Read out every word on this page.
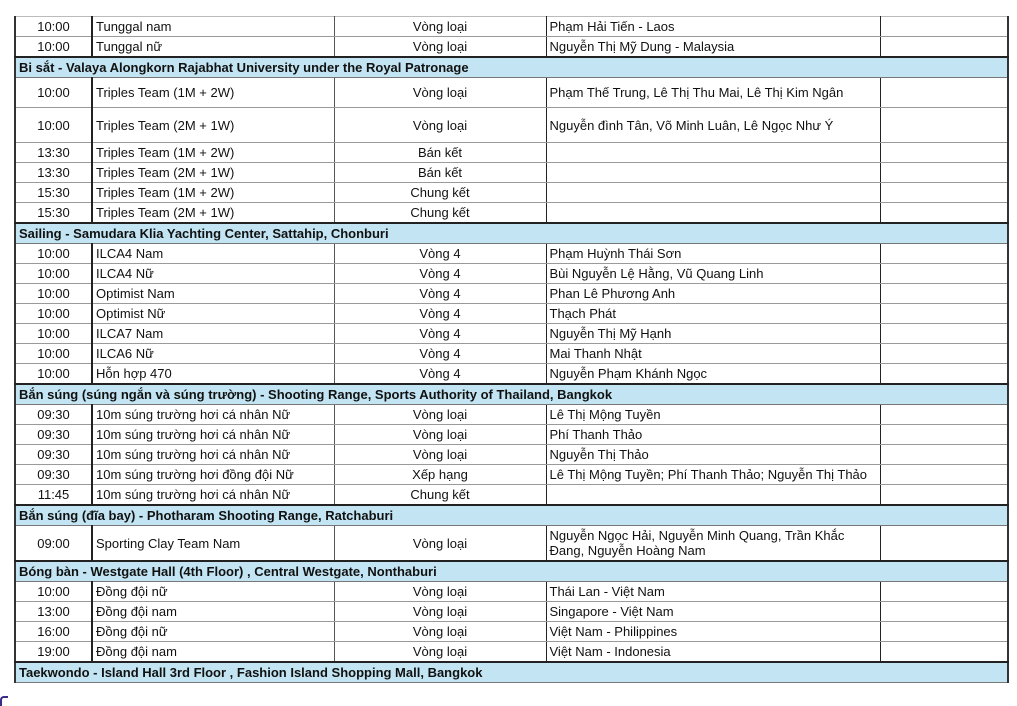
10:00	Tunggal nam	Vòng loại	Phạm Hải Tiến - Laos	
10:00	Tunggal nữ	Vòng loại	Nguyễn Thị Mỹ Dung - Malaysia	
Bi sắt - Valaya Alongkorn Rajabhat University under the Royal Patronage				
10:00	Triples Team (1M + 2W)	Vòng loại	Phạm Thế Trung, Lê Thị Thu Mai, Lê Thị Kim Ngân	
10:00	Triples Team (2M + 1W)	Vòng loại	Nguyễn đình Tân, Võ Minh Luân, Lê Ngọc Như Ý	
13:30	Triples Team (1M + 2W)	Bán kết		
13:30	Triples Team (2M + 1W)	Bán kết		
15:30	Triples Team (1M + 2W)	Chung kết		
15:30	Triples Team (2M + 1W)	Chung kết		
Sailing - Samudara Klia Yachting Center, Sattahip, Chonburi				
10:00	ILCA4 Nam	Vòng 4	Phạm Huỳnh Thái Sơn	
10:00	ILCA4 Nữ	Vòng 4	Bùi Nguyễn Lệ Hằng, Vũ Quang Linh	
10:00	Optimist Nam	Vòng 4	Phan Lê Phương Anh	
10:00	Optimist Nữ	Vòng 4	Thạch Phát	
10:00	ILCA7 Nam	Vòng 4	Nguyễn Thị Mỹ Hạnh	
10:00	ILCA6 Nữ	Vòng 4	Mai Thanh Nhật	
10:00	Hỗn hợp 470	Vòng 4	Nguyễn Phạm Khánh Ngọc	
Bắn súng (súng ngắn và súng trường) - Shooting Range, Sports Authority of Thailand, Bangkok				
09:30	10m súng trường hơi cá nhân Nữ	Vòng loại	Lê Thị Mộng Tuyền	
09:30	10m súng trường hơi cá nhân Nữ	Vòng loại	Phí Thanh Thảo	
09:30	10m súng trường hơi cá nhân Nữ	Vòng loại	Nguyễn Thị Thảo	
09:30	10m súng trường hơi đồng đội Nữ	Xếp hạng	Lê Thị Mộng Tuyền; Phí Thanh Thảo; Nguyễn Thị Thảo	
11:45	10m súng trường hơi cá nhân Nữ	Chung kết		
Bắn súng (đĩa bay) - Photharam Shooting Range, Ratchaburi				
09:00	Sporting Clay Team Nam	Vòng loại	Nguyễn Ngọc Hải, Nguyễn Minh Quang, Trần Khắc Đang, Nguyễn Hoàng Nam	
Bóng bàn - Westgate Hall (4th Floor) , Central Westgate, Nonthaburi				
10:00	Đồng đội nữ	Vòng loại	Thái Lan - Việt Nam	
13:00	Đồng đội nam	Vòng loại	Singapore - Việt Nam	
16:00	Đồng đội nữ	Vòng loại	Việt Nam - Philippines	
19:00	Đồng đội nam	Vòng loại	Việt Nam - Indonesia	
Taekwondo - Island Hall 3rd Floor , Fashion Island Shopping Mall, Bangkok				
